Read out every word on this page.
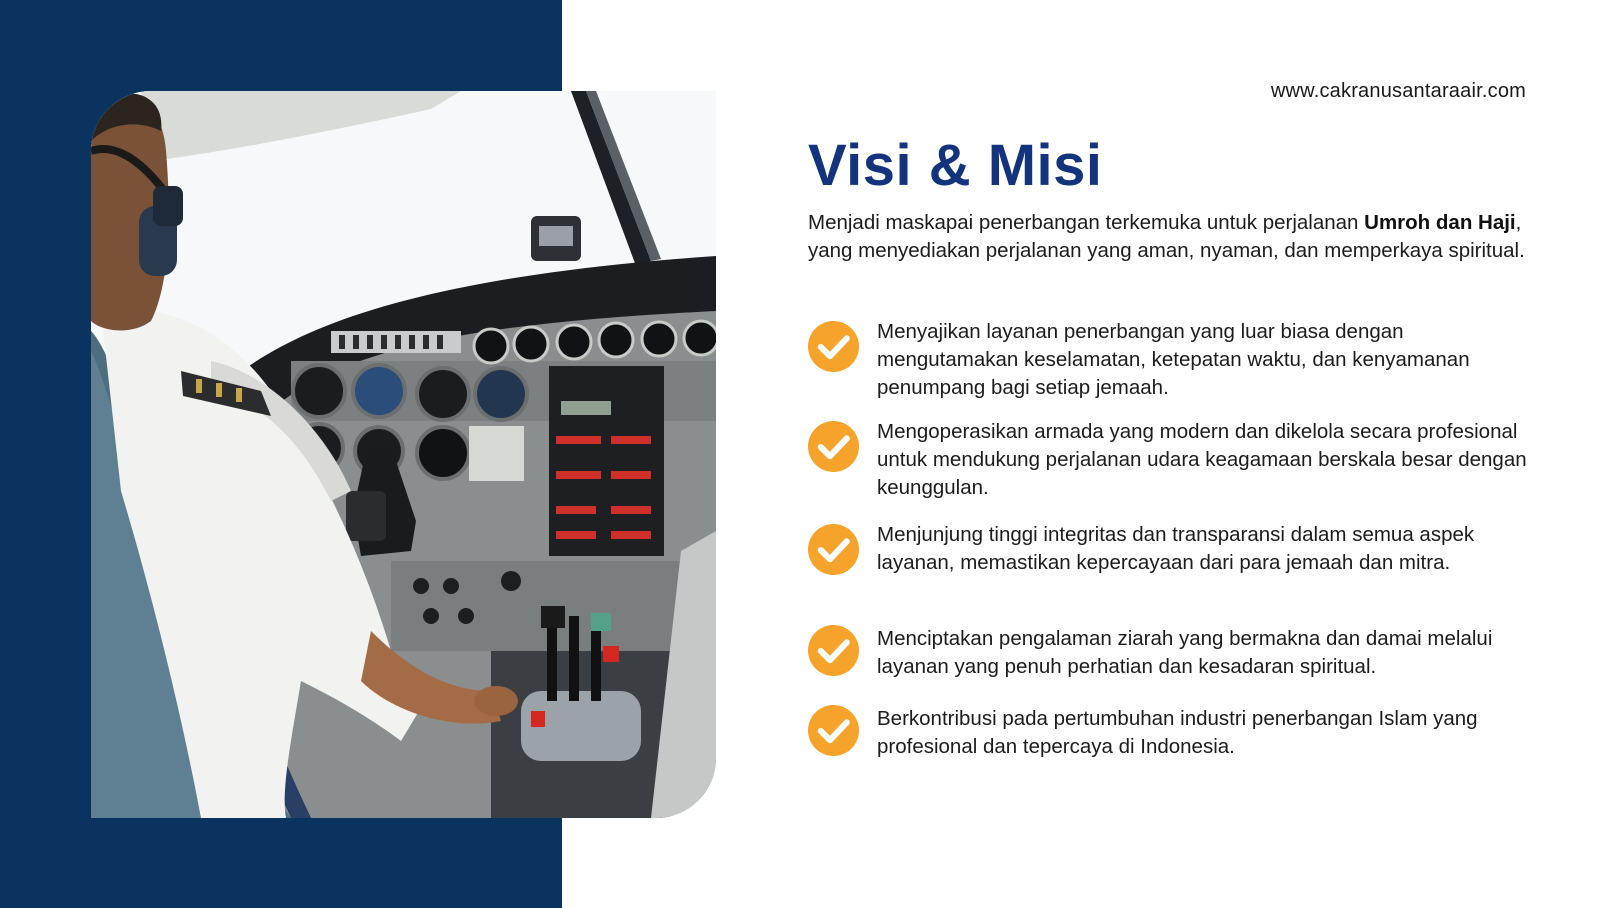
www.cakranusantaraair.com
Visi & Misi

Menjadi maskapai penerbangan terkemuka untuk perjalanan Umroh dan Haji, yang menyediakan perjalanan yang aman, nyaman, dan memperkaya spiritual.

Menyajikan layanan penerbangan yang luar biasa dengan mengutamakan keselamatan, ketepatan waktu, dan kenyamanan penumpang bagi setiap jemaah.
Mengoperasikan armada yang modern dan dikelola secara profesional untuk mendukung perjalanan udara keagamaan berskala besar dengan keunggulan.
Menjunjung tinggi integritas dan transparansi dalam semua aspek layanan, memastikan kepercayaan dari para jemaah dan mitra.
Menciptakan pengalaman ziarah yang bermakna dan damai melalui layanan yang penuh perhatian dan kesadaran spiritual.
Berkontribusi pada pertumbuhan industri penerbangan Islam yang profesional dan tepercaya di Indonesia.
